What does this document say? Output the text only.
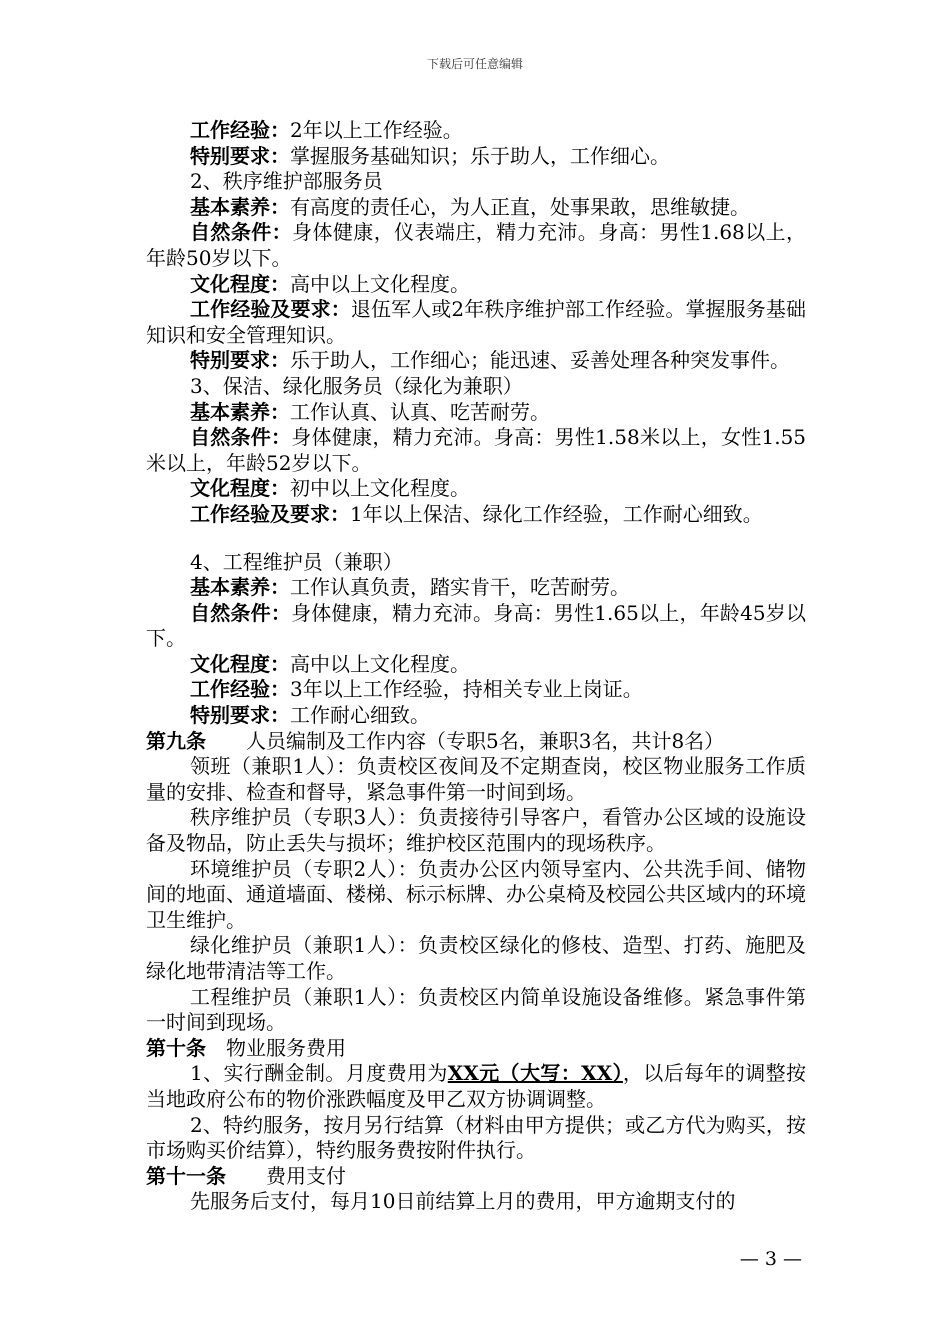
下载后可任意编辑

工作经验：2年以上工作经验。

特别要求：掌握服务基础知识；乐于助人，工作细心。

2、秩序维护部服务员

基本素养：有高度的责任心，为人正直，处事果敢，思维敏捷。

自然条件：身体健康，仪表端庄，精力充沛。身高：男性1.68以上，年龄50岁以下。

文化程度：高中以上文化程度。

工作经验及要求：退伍军人或2年秩序维护部工作经验。掌握服务基础知识和安全管理知识。

特别要求：乐于助人，工作细心；能迅速、妥善处理各种突发事件。

3、保洁、绿化服务员（绿化为兼职）

基本素养：工作认真、认真、吃苦耐劳。

自然条件：身体健康，精力充沛。身高：男性1.58米以上，女性1.55米以上，年龄52岁以下。

文化程度：初中以上文化程度。

工作经验及要求：1年以上保洁、绿化工作经验，工作耐心细致。

4、工程维护员（兼职）

基本素养：工作认真负责，踏实肯干，吃苦耐劳。

自然条件：身体健康，精力充沛。身高：男性1.65以上，年龄45岁以下。

文化程度：高中以上文化程度。

工作经验：3年以上工作经验，持相关专业上岗证。

特别要求：工作耐心细致。

第九条 人员编制及工作内容（专职5名，兼职3名，共计8名）

领班（兼职1人）：负责校区夜间及不定期查岗，校区物业服务工作质量的安排、检查和督导，紧急事件第一时间到场。

秩序维护员（专职3人）：负责接待引导客户，看管办公区域的设施设备及物品，防止丢失与损坏；维护校区范围内的现场秩序。

环境维护员（专职2人）：负责办公区内领导室内、公共洗手间、储物间的地面、通道墙面、楼梯、标示标牌、办公桌椅及校园公共区域内的环境卫生维护。

绿化维护员（兼职1人）：负责校区绿化的修枝、造型、打药、施肥及绿化地带清洁等工作。

工程维护员（兼职1人）：负责校区内简单设施设备维修。紧急事件第一时间到现场。

第十条 物业服务费用

1、实行酬金制。月度费用为XX元（大写：XX），以后每年的调整按当地政府公布的物价涨跌幅度及甲乙双方协调调整。

2、特约服务，按月另行结算（材料由甲方提供；或乙方代为购买，按市场购买价结算），特约服务费按附件执行。

第十一条 费用支付

先服务后支付，每月10日前结算上月的费用，甲方逾期支付的

— 3 —
